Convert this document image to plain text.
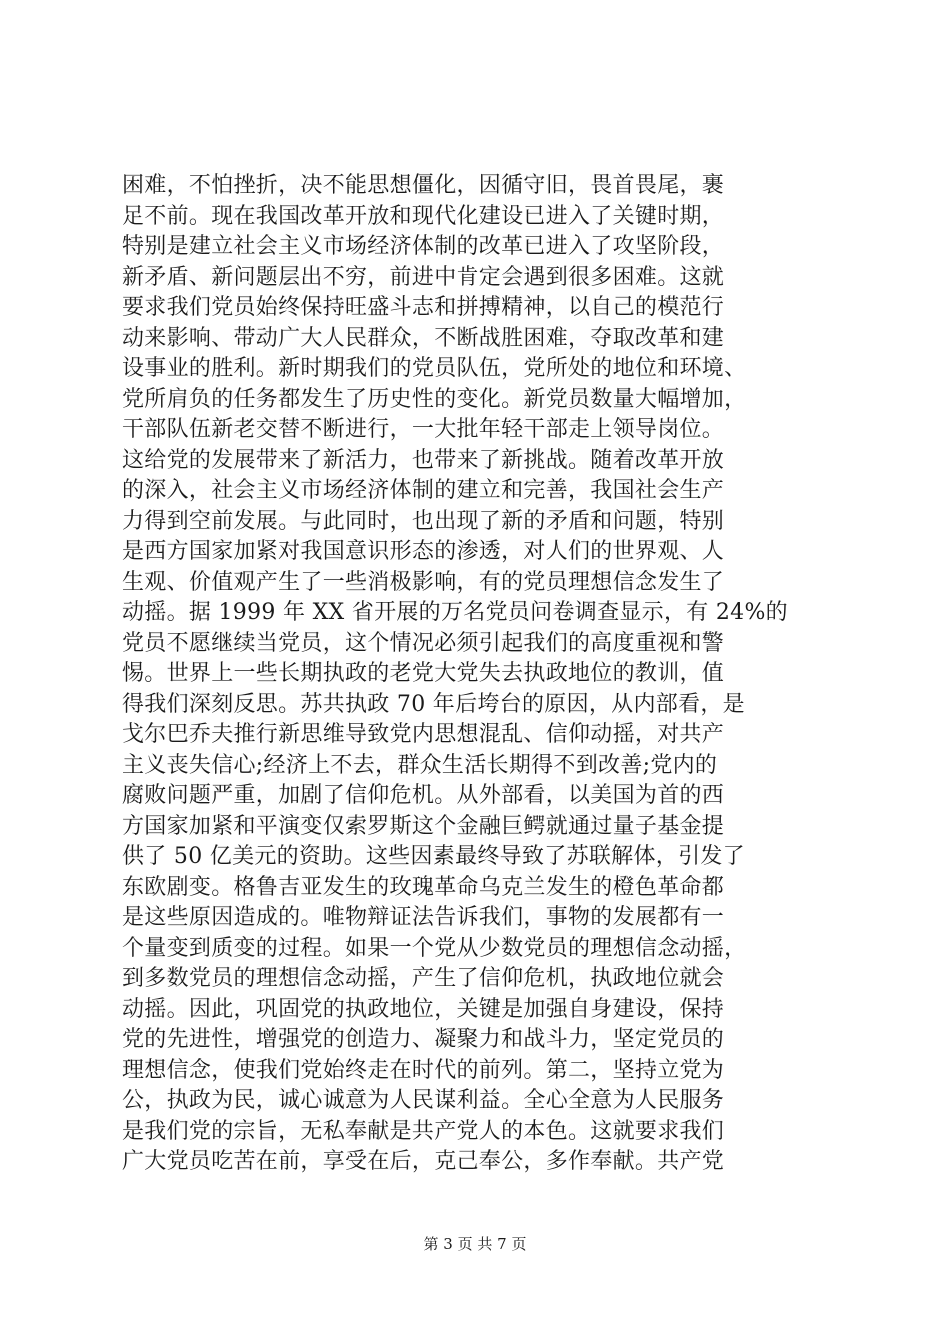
困难，不怕挫折，决不能思想僵化，因循守旧，畏首畏尾，裹
足不前。现在我国改革开放和现代化建设已进入了关键时期，
特别是建立社会主义市场经济体制的改革已进入了攻坚阶段，
新矛盾、新问题层出不穷，前进中肯定会遇到很多困难。这就
要求我们党员始终保持旺盛斗志和拼搏精神，以自己的模范行
动来影响、带动广大人民群众，不断战胜困难，夺取改革和建
设事业的胜利。新时期我们的党员队伍，党所处的地位和环境、
党所肩负的任务都发生了历史性的变化。新党员数量大幅增加，
干部队伍新老交替不断进行，一大批年轻干部走上领导岗位。
这给党的发展带来了新活力，也带来了新挑战。随着改革开放
的深入，社会主义市场经济体制的建立和完善，我国社会生产
力得到空前发展。与此同时，也出现了新的矛盾和问题，特别
是西方国家加紧对我国意识形态的渗透，对人们的世界观、人
生观、价值观产生了一些消极影响，有的党员理想信念发生了
动摇。据 1999 年 XX 省开展的万名党员问卷调查显示，有 24%的
党员不愿继续当党员，这个情况必须引起我们的高度重视和警
惕。世界上一些长期执政的老党大党失去执政地位的教训，值
得我们深刻反思。苏共执政 70 年后垮台的原因，从内部看，是
戈尔巴乔夫推行新思维导致党内思想混乱、信仰动摇，对共产
主义丧失信心;经济上不去，群众生活长期得不到改善;党内的
腐败问题严重，加剧了信仰危机。从外部看，以美国为首的西
方国家加紧和平演变仅索罗斯这个金融巨鳄就通过量子基金提
供了 50 亿美元的资助。这些因素最终导致了苏联解体，引发了
东欧剧变。格鲁吉亚发生的玫瑰革命乌克兰发生的橙色革命都
是这些原因造成的。唯物辩证法告诉我们，事物的发展都有一
个量变到质变的过程。如果一个党从少数党员的理想信念动摇，
到多数党员的理想信念动摇，产生了信仰危机，执政地位就会
动摇。因此，巩固党的执政地位，关键是加强自身建设，保持
党的先进性，增强党的创造力、凝聚力和战斗力，坚定党员的
理想信念，使我们党始终走在时代的前列。第二，坚持立党为
公，执政为民，诚心诚意为人民谋利益。全心全意为人民服务
是我们党的宗旨，无私奉献是共产党人的本色。这就要求我们
广大党员吃苦在前，享受在后，克己奉公，多作奉献。共产党
第 3 页 共 7 页
